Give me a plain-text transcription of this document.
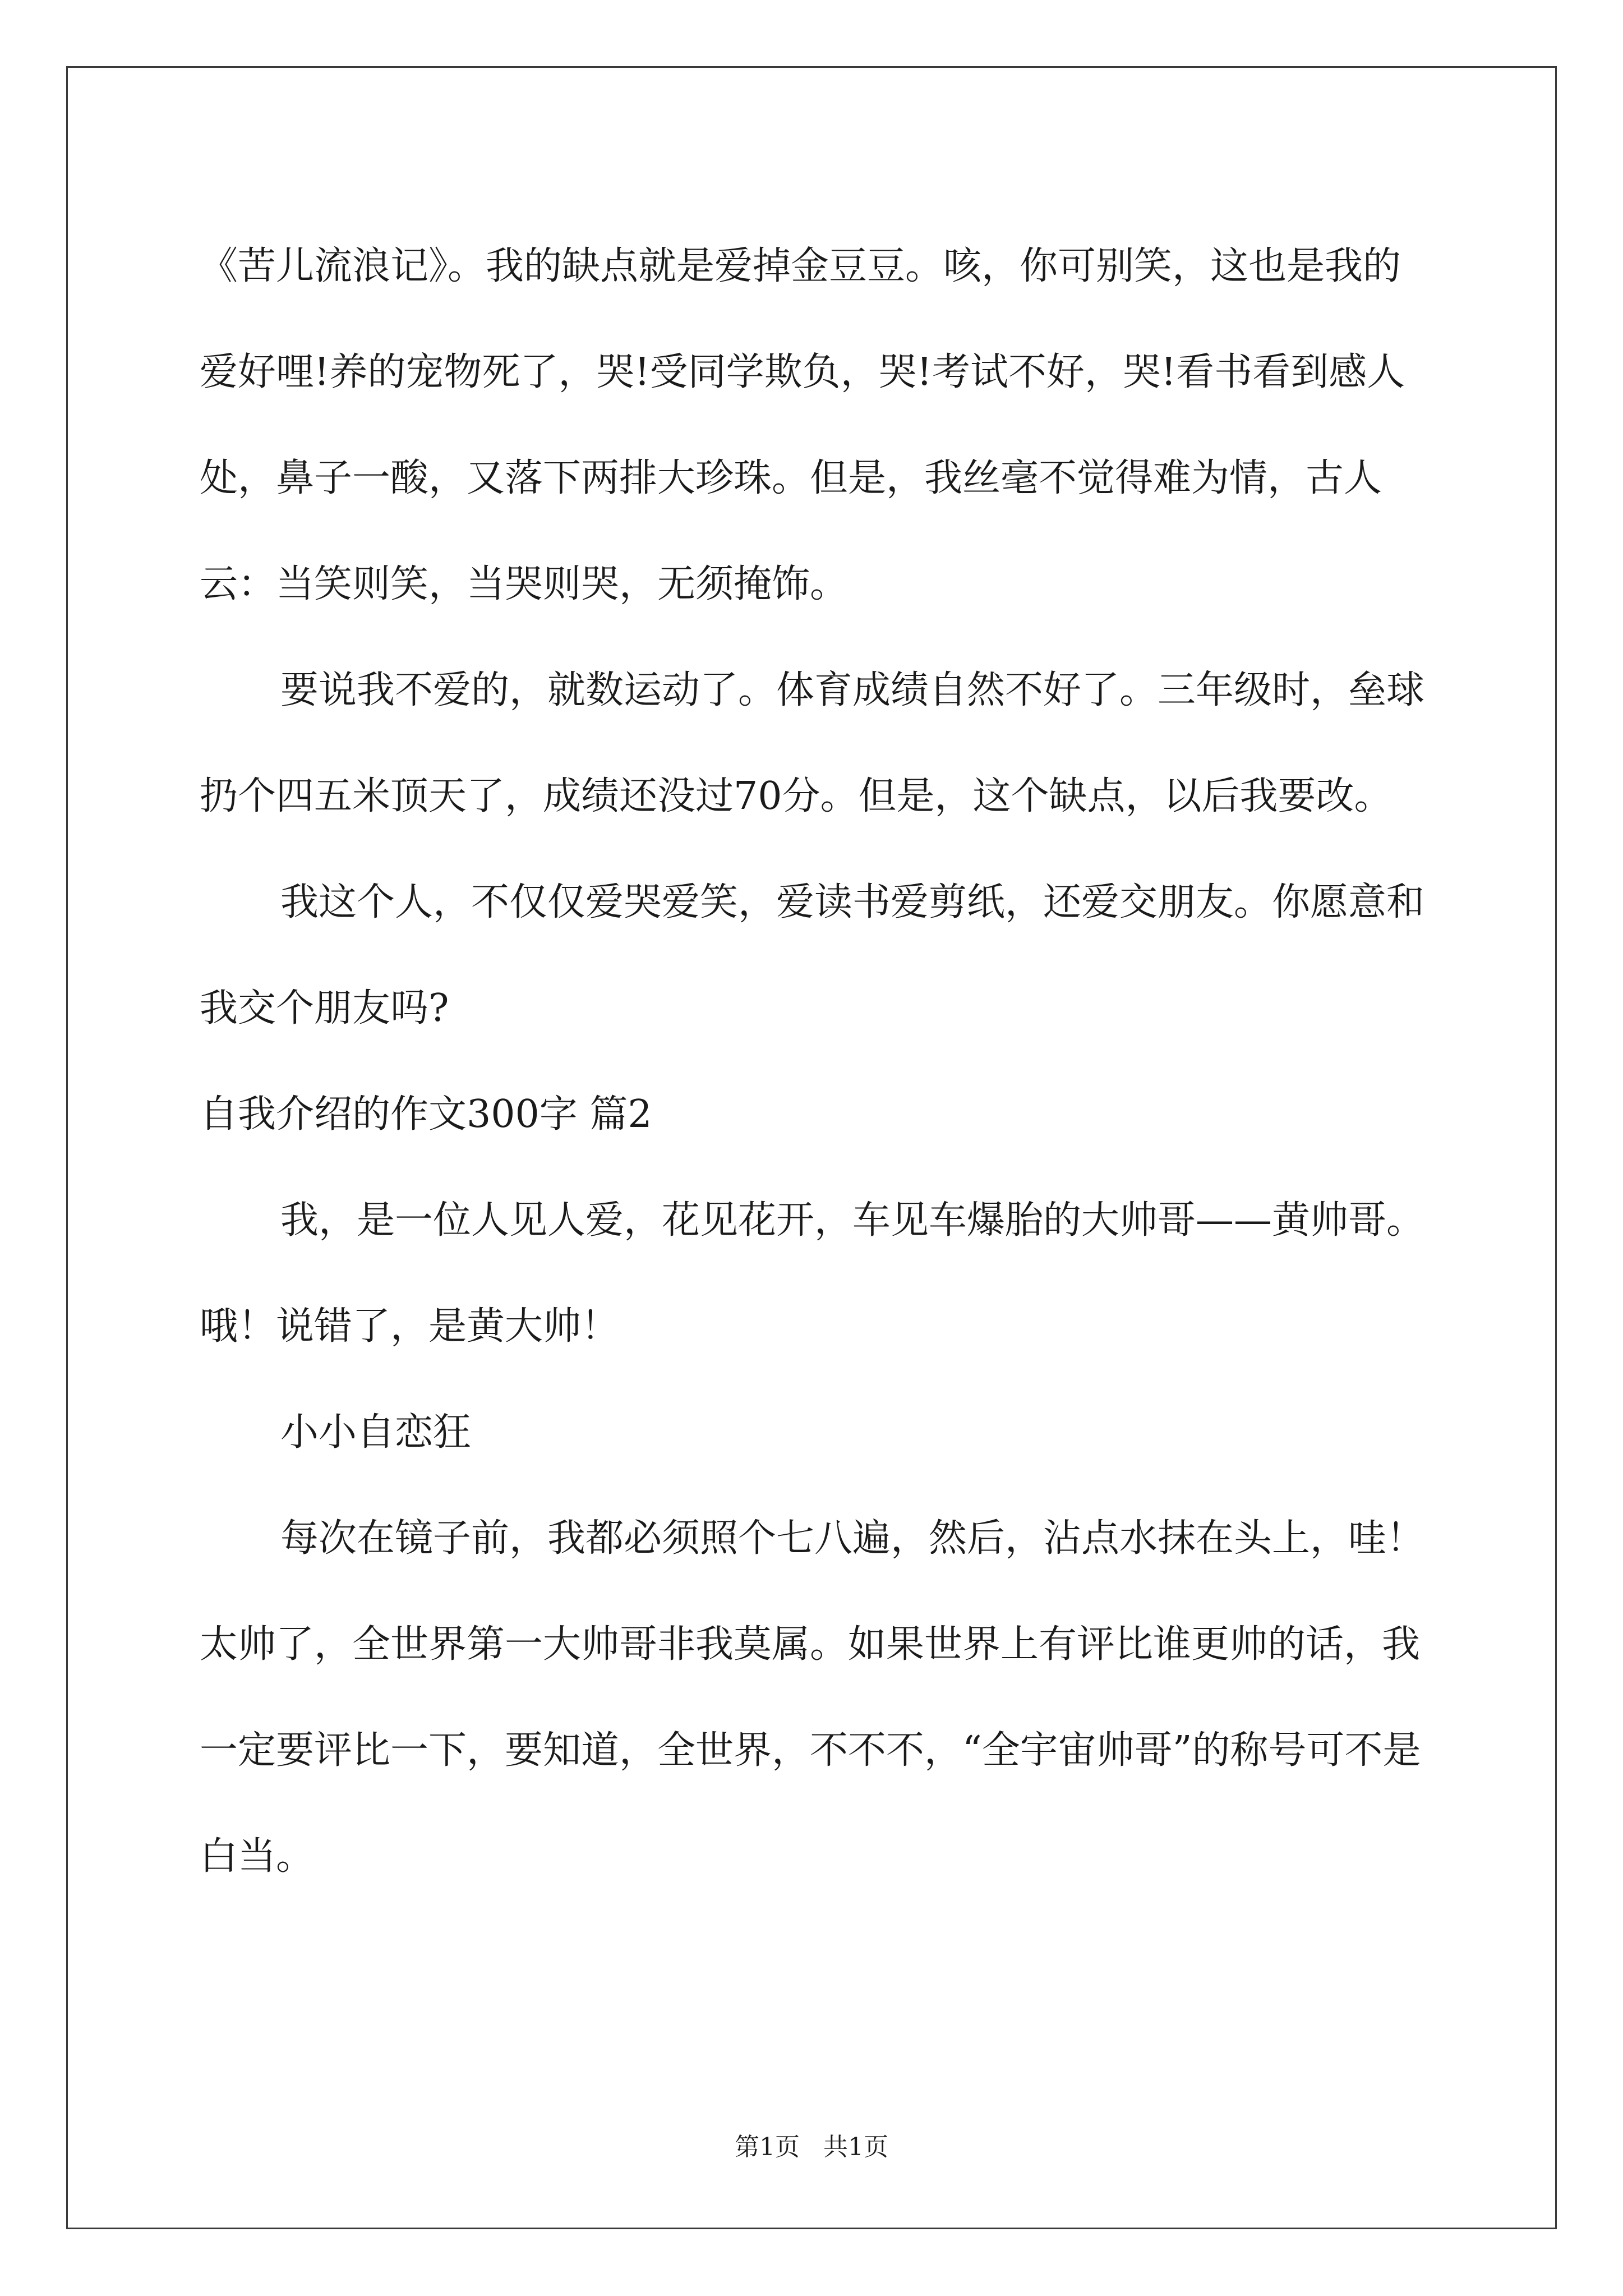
《苦儿流浪记》。我的缺点就是爱掉金豆豆。咳，你可别笑，这也是我的爱好哩!养的宠物死了，哭!受同学欺负，哭!考试不好，哭!看书看到感人处，鼻子一酸，又落下两排大珍珠。但是，我丝毫不觉得难为情，古人云：当笑则笑，当哭则哭，无须掩饰。

要说我不爱的，就数运动了。体育成绩自然不好了。三年级时，垒球扔个四五米顶天了，成绩还没过70分。但是，这个缺点，以后我要改。

我这个人，不仅仅爱哭爱笑，爱读书爱剪纸，还爱交朋友。你愿意和我交个朋友吗?

自我介绍的作文300字 篇2

我，是一位人见人爱，花见花开，车见车爆胎的大帅哥——黄帅哥。哦！说错了，是黄大帅！

小小自恋狂

每次在镜子前，我都必须照个七八遍，然后，沾点水抹在头上，哇！太帅了，全世界第一大帅哥非我莫属。如果世界上有评比谁更帅的话，我一定要评比一下，要知道，全世界，不不不，“全宇宙帅哥”的称号可不是白当。

第1页 共1页
